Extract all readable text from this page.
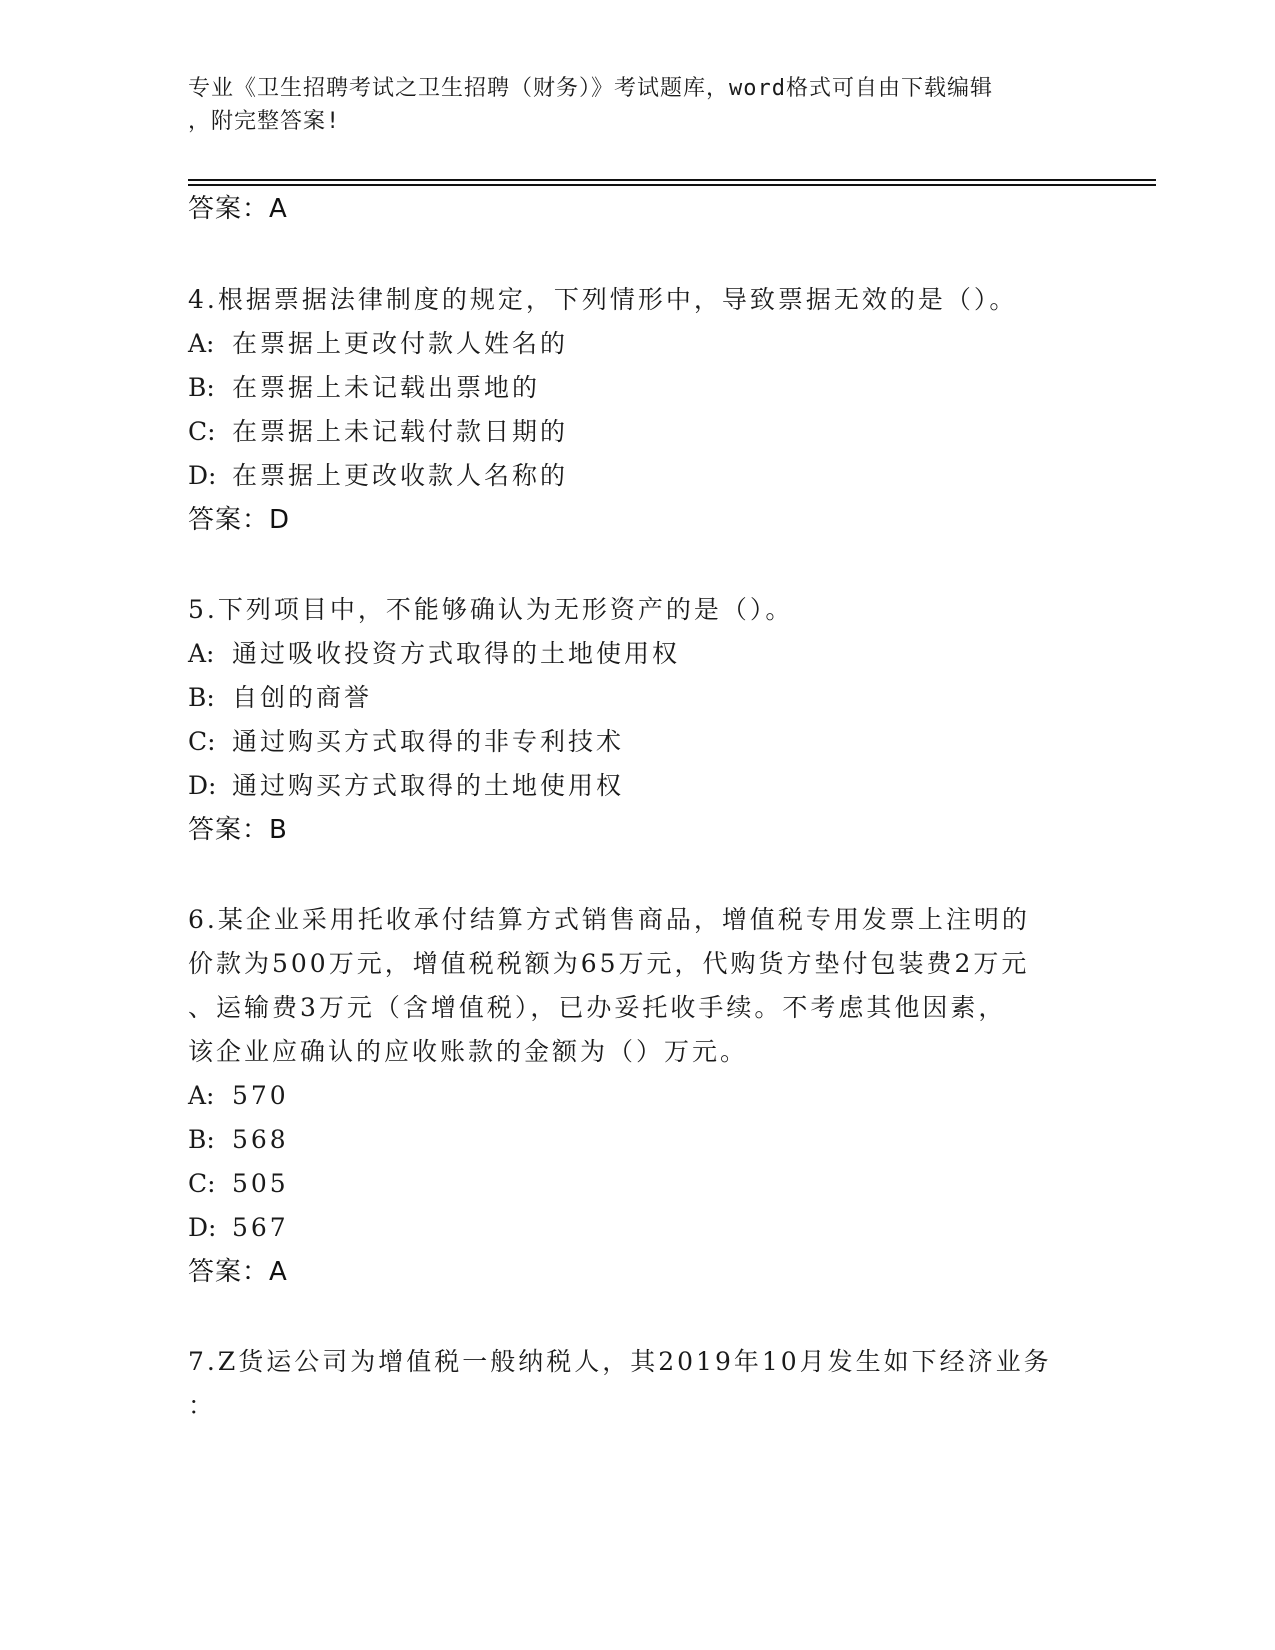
专业《卫生招聘考试之卫生招聘（财务）》考试题库，word格式可自由下载编辑
，附完整答案!
答案：A
4.根据票据法律制度的规定，下列情形中，导致票据无效的是（）。
A: 在票据上更改付款人姓名的
B: 在票据上未记载出票地的
C: 在票据上未记载付款日期的
D: 在票据上更改收款人名称的
答案：D
5.下列项目中，不能够确认为无形资产的是（）。
A: 通过吸收投资方式取得的土地使用权
B: 自创的商誉
C: 通过购买方式取得的非专利技术
D: 通过购买方式取得的土地使用权
答案：B
6.某企业采用托收承付结算方式销售商品，增值税专用发票上注明的
价款为500万元，增值税税额为65万元，代购货方垫付包装费2万元
、运输费3万元（含增值税），已办妥托收手续。不考虑其他因素，
该企业应确认的应收账款的金额为（）万元。
A: 570
B: 568
C: 505
D: 567
答案：A
7.Z货运公司为增值税一般纳税人，其2019年10月发生如下经济业务
：
